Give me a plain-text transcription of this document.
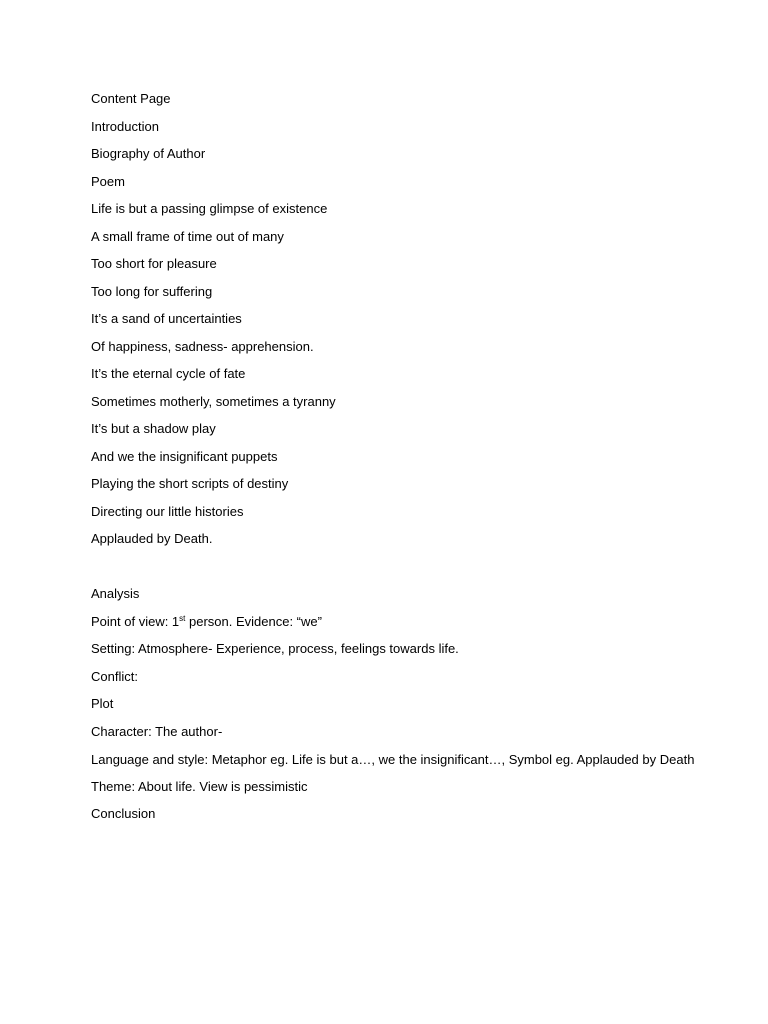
Content Page
Introduction
Biography of Author
Poem
Life is but a passing glimpse of existence
A small frame of time out of many
Too short for pleasure
Too long for suffering
It’s a sand of uncertainties
Of happiness, sadness- apprehension.
It’s the eternal cycle of fate
Sometimes motherly, sometimes a tyranny
It’s but a shadow play
And we the insignificant puppets
Playing the short scripts of destiny
Directing our little histories
Applauded by Death.
Analysis
Point of view: 1st person. Evidence: “we”
Setting: Atmosphere- Experience, process, feelings towards life.
Conflict:
Plot
Character: The author-
Language and style: Metaphor eg. Life is but a…, we the insignificant…, Symbol eg. Applauded by Death
Theme: About life. View is pessimistic
Conclusion
